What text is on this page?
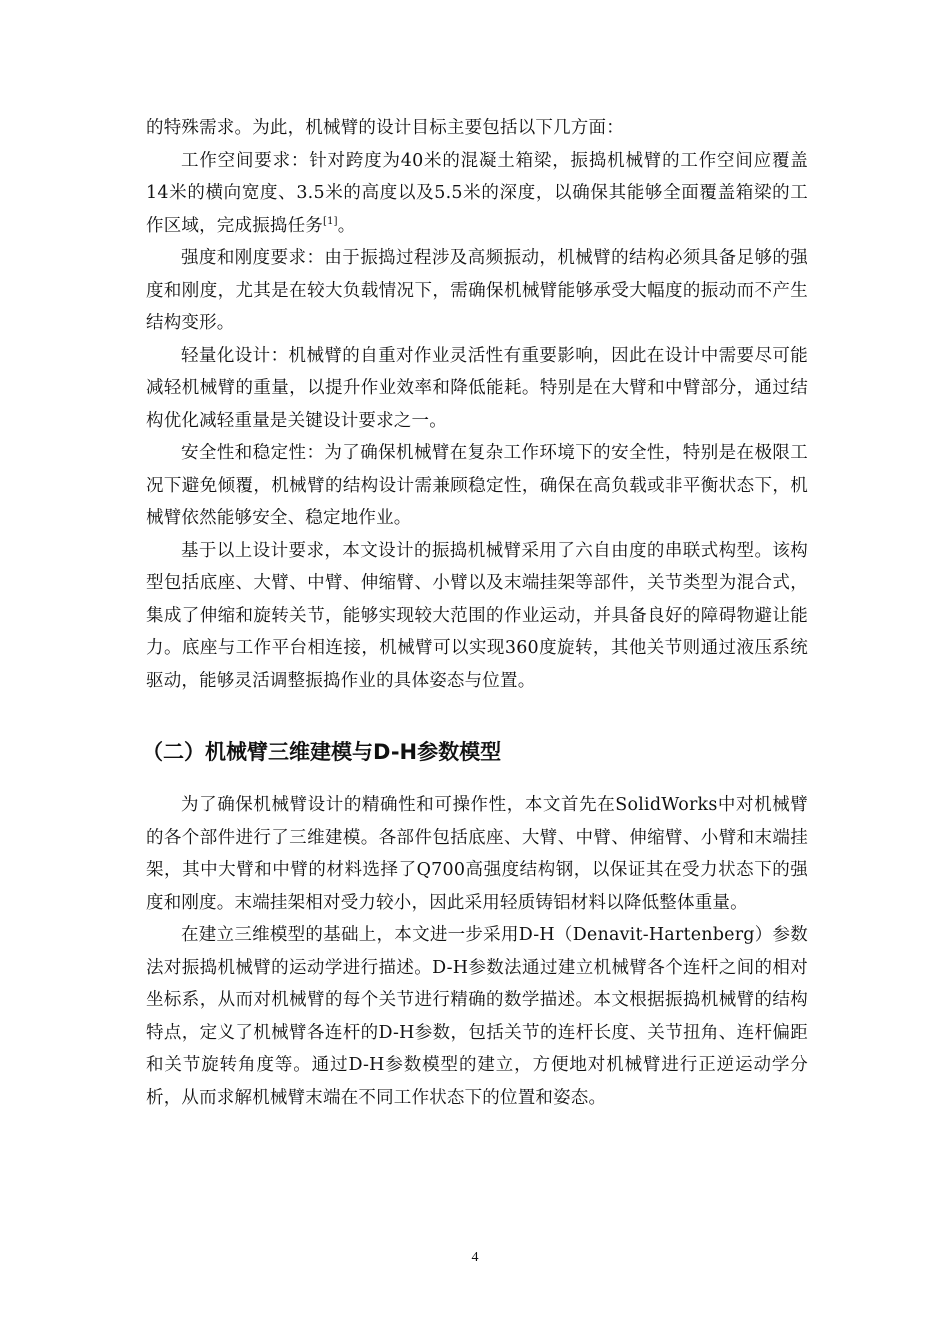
的特殊需求。为此，机械臂的设计目标主要包括以下几方面：

工作空间要求：针对跨度为40米的混凝土箱梁，振捣机械臂的工作空间应覆盖14米的横向宽度、3.5米的高度以及5.5米的深度，以确保其能够全面覆盖箱梁的工作区域，完成振捣任务[1]。

强度和刚度要求：由于振捣过程涉及高频振动，机械臂的结构必须具备足够的强度和刚度，尤其是在较大负载情况下，需确保机械臂能够承受大幅度的振动而不产生结构变形。

轻量化设计：机械臂的自重对作业灵活性有重要影响，因此在设计中需要尽可能减轻机械臂的重量，以提升作业效率和降低能耗。特别是在大臂和中臂部分，通过结构优化减轻重量是关键设计要求之一。

安全性和稳定性：为了确保机械臂在复杂工作环境下的安全性，特别是在极限工况下避免倾覆，机械臂的结构设计需兼顾稳定性，确保在高负载或非平衡状态下，机械臂依然能够安全、稳定地作业。

基于以上设计要求，本文设计的振捣机械臂采用了六自由度的串联式构型。该构型包括底座、大臂、中臂、伸缩臂、小臂以及末端挂架等部件，关节类型为混合式，集成了伸缩和旋转关节，能够实现较大范围的作业运动，并具备良好的障碍物避让能力。底座与工作平台相连接，机械臂可以实现360度旋转，其他关节则通过液压系统驱动，能够灵活调整振捣作业的具体姿态与位置。

（二）机械臂三维建模与D-H参数模型

为了确保机械臂设计的精确性和可操作性，本文首先在SolidWorks中对机械臂的各个部件进行了三维建模。各部件包括底座、大臂、中臂、伸缩臂、小臂和末端挂架，其中大臂和中臂的材料选择了Q700高强度结构钢，以保证其在受力状态下的强度和刚度。末端挂架相对受力较小，因此采用轻质铸铝材料以降低整体重量。

在建立三维模型的基础上，本文进一步采用D-H（Denavit-Hartenberg）参数法对振捣机械臂的运动学进行描述。D-H参数法通过建立机械臂各个连杆之间的相对坐标系，从而对机械臂的每个关节进行精确的数学描述。本文根据振捣机械臂的结构特点，定义了机械臂各连杆的D-H参数，包括关节的连杆长度、关节扭角、连杆偏距和关节旋转角度等。通过D-H参数模型的建立，方便地对机械臂进行正逆运动学分析，从而求解机械臂末端在不同工作状态下的位置和姿态。

4
